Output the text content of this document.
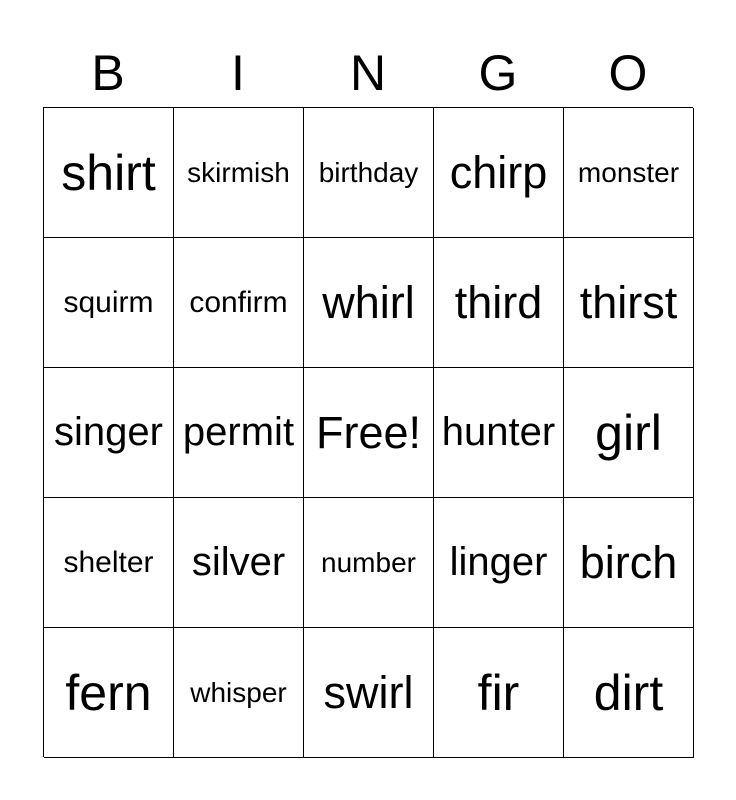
B	I	N	G	O
shirt	skirmish	birthday chirp	monster
squirm	confirm whirl third thirst
singer permit Free! hunter girl
shelter silver	number linger birch
fern	whisper swirl	fir	dirt
